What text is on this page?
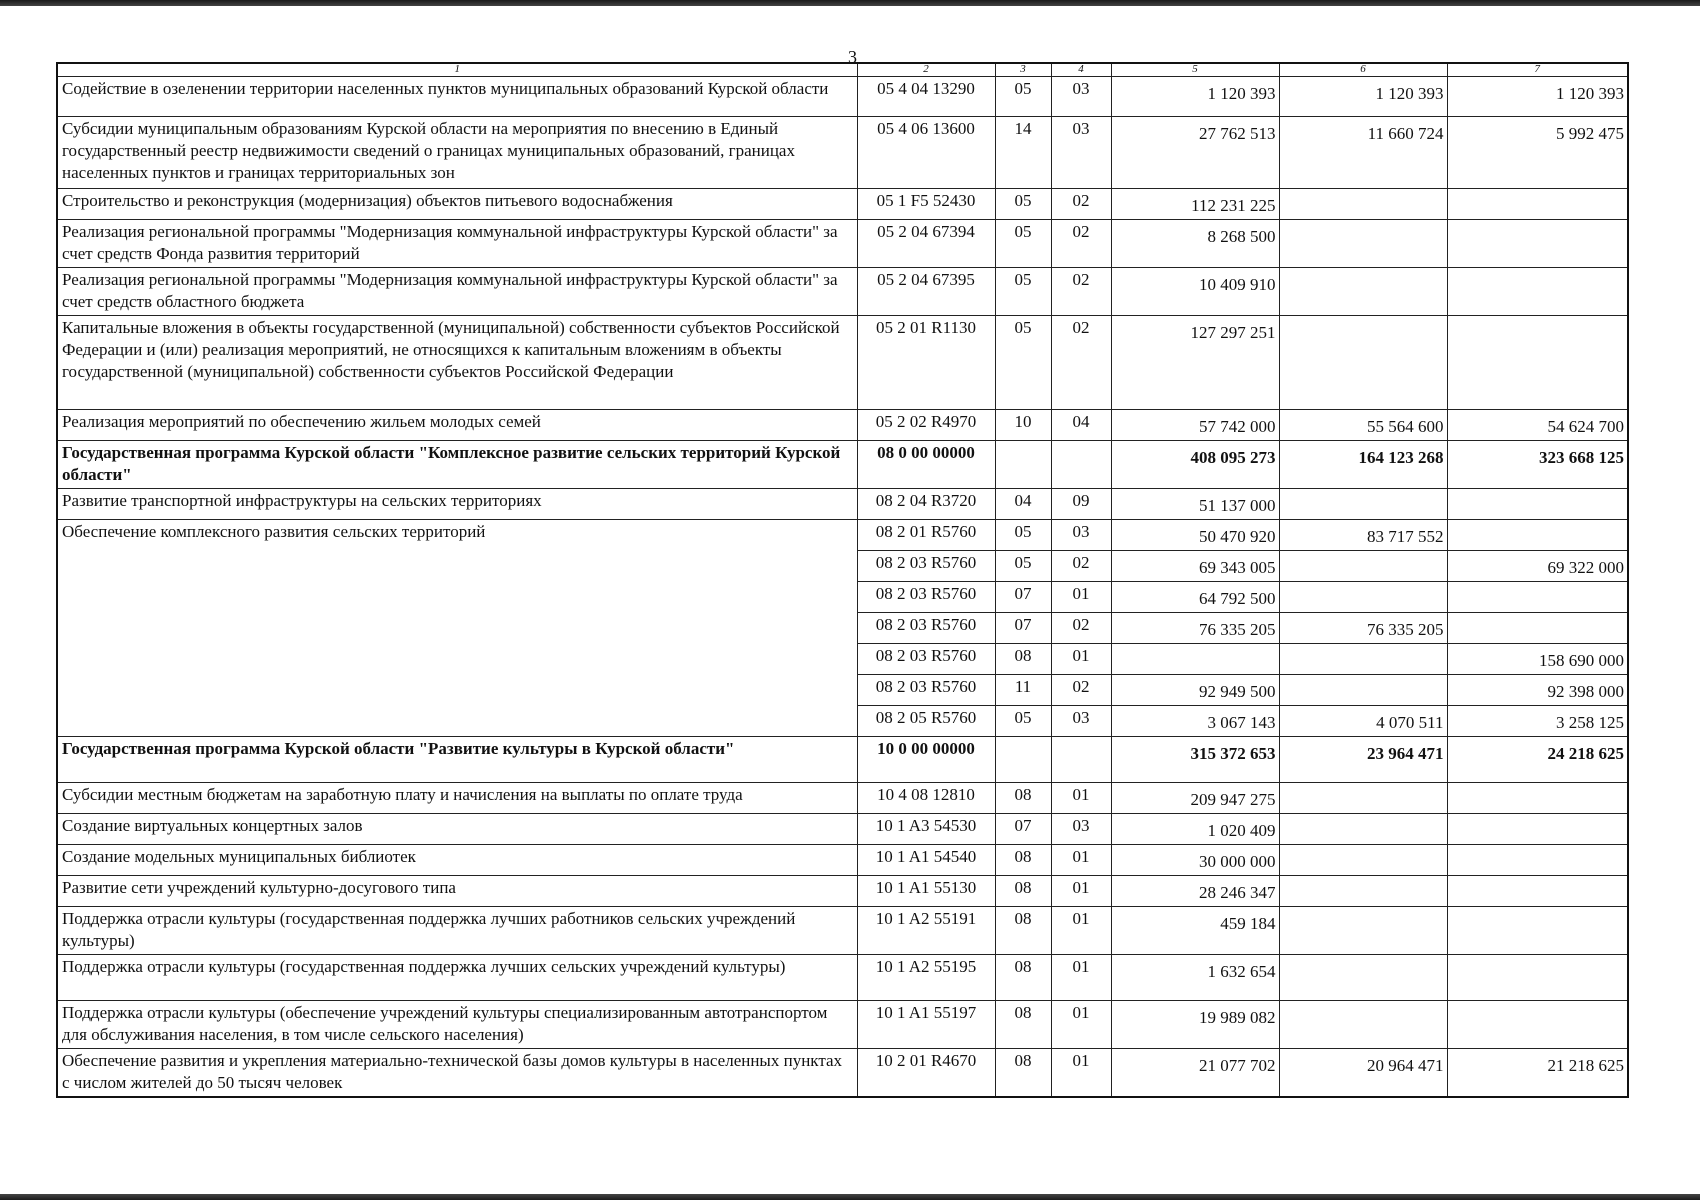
3
1	2	3	4	5	6	7
Содействие в озеленении территории населенных пунктов муниципальных образований Курской области	05 4 04 13290	05	03	1 120 393	1 120 393	1 120 393
Субсидии муниципальным образованиям Курской области на мероприятия по внесению в Единый государственный реестр недвижимости сведений о границах муниципальных образований, границах населенных пунктов и границах территориальных зон	05 4 06 13600	14	03	27 762 513	11 660 724	5 992 475
Строительство и реконструкция (модернизация) объектов питьевого водоснабжения	05 1 F5 52430	05	02	112 231 225		
Реализация региональной программы "Модернизация коммунальной инфраструктуры Курской области" за счет средств Фонда развития территорий	05 2 04 67394	05	02	8 268 500		
Реализация региональной программы "Модернизация коммунальной инфраструктуры Курской области" за счет средств областного бюджета	05 2 04 67395	05	02	10 409 910		
Капитальные вложения в объекты государственной (муниципальной) собственности субъектов Российской Федерации и (или) реализация мероприятий, не относящихся к капитальным вложениям в объекты государственной (муниципальной) собственности субъектов Российской Федерации	05 2 01 R1130	05	02	127 297 251		
Реализация мероприятий по обеспечению жильем молодых семей	05 2 02 R4970	10	04	57 742 000	55 564 600	54 624 700
Государственная программа Курской области "Комплексное развитие сельских территорий Курской области"	08 0 00 00000			408 095 273	164 123 268	323 668 125
Развитие транспортной инфраструктуры на сельских территориях	08 2 04 R3720	04	09	51 137 000		
Обеспечение комплексного развития сельских территорий	08 2 01 R5760	05	03	50 470 920	83 717 552	
	08 2 03 R5760	05	02	69 343 005		69 322 000
	08 2 03 R5760	07	01	64 792 500		
	08 2 03 R5760	07	02	76 335 205	76 335 205	
	08 2 03 R5760	08	01			158 690 000
	08 2 03 R5760	11	02	92 949 500		92 398 000
	08 2 05 R5760	05	03	3 067 143	4 070 511	3 258 125
Государственная программа Курской области "Развитие культуры в Курской области"	10 0 00 00000			315 372 653	23 964 471	24 218 625
Субсидии местным бюджетам на заработную плату и начисления на выплаты по оплате труда	10 4 08 12810	08	01	209 947 275		
Создание виртуальных концертных залов	10 1 A3 54530	07	03	1 020 409		
Создание модельных муниципальных библиотек	10 1 A1 54540	08	01	30 000 000		
Развитие сети учреждений культурно-досугового типа	10 1 A1 55130	08	01	28 246 347		
Поддержка отрасли культуры (государственная поддержка лучших работников сельских учреждений культуры)	10 1 A2 55191	08	01	459 184		
Поддержка отрасли культуры (государственная поддержка лучших сельских учреждений культуры)	10 1 A2 55195	08	01	1 632 654		
Поддержка отрасли культуры (обеспечение учреждений культуры специализированным автотранспортом для обслуживания населения, в том числе сельского населения)	10 1 A1 55197	08	01	19 989 082		
Обеспечение развития и укрепления материально-технической базы домов культуры в населенных пунктах с числом жителей до 50 тысяч человек	10 2 01 R4670	08	01	21 077 702	20 964 471	21 218 625
